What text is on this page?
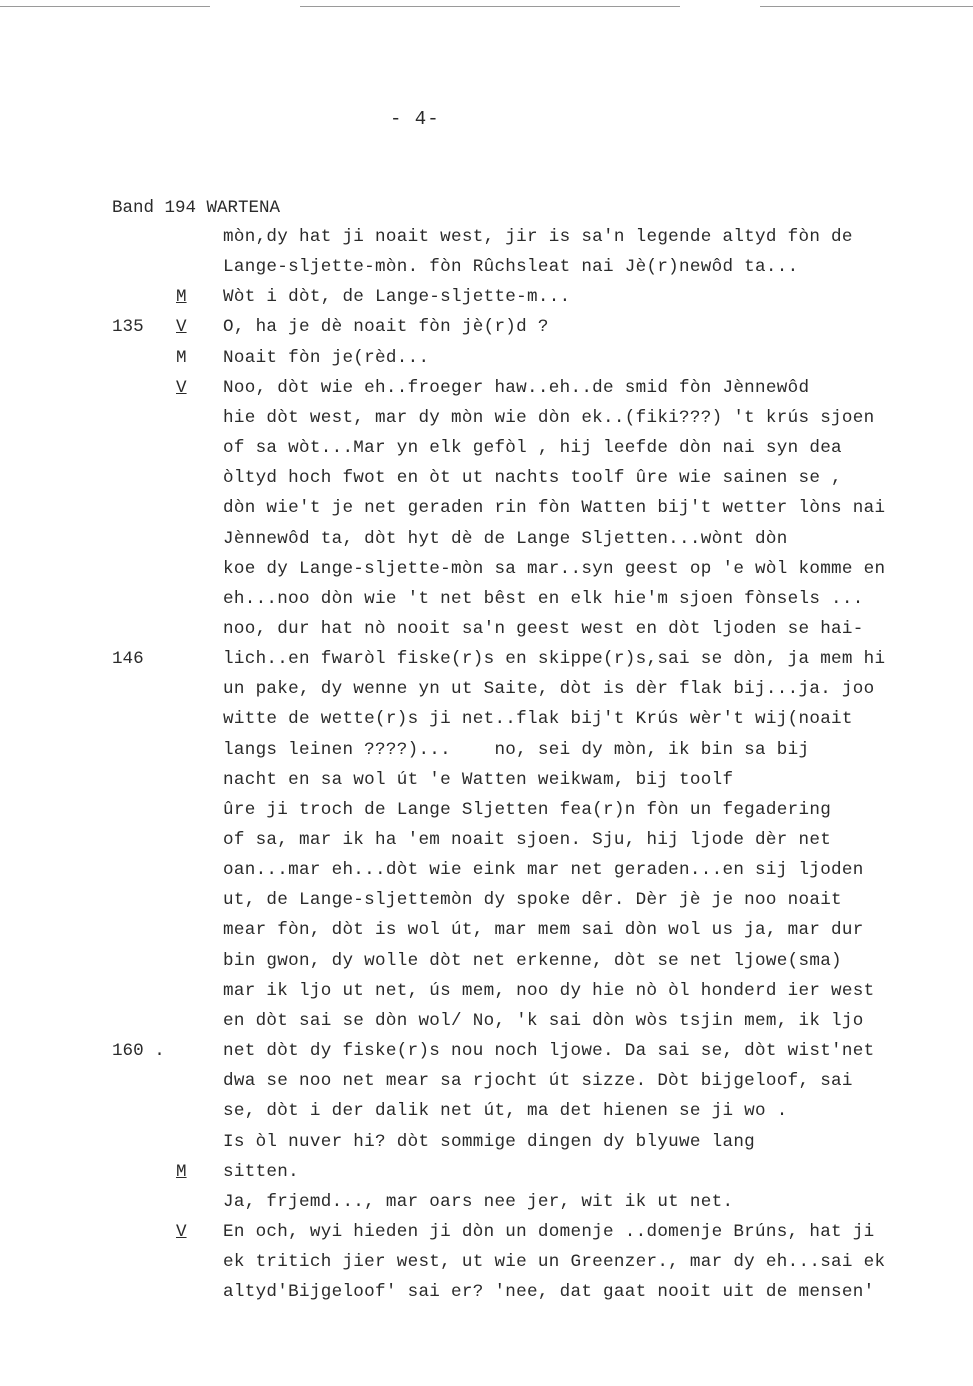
- 4-
Band 194 WARTENA
mòn,dy hat ji noait west, jir is sa'n legende altyd fòn de
Lange-sljette-mòn. fòn Rûchsleat nai Jè(r)newôd ta...
Wòt i dòt, de Lange-sljette-m...
O, ha je dè noait fòn jè(r)d ?
Noait fòn je(rèd...
Noo, dòt wie eh..froeger haw..eh..de smid fòn Jènnewôd
hie dòt west, mar dy mòn wie dòn ek..(fiki???) 't krús sjoen
of sa wòt...Mar yn elk gefòl , hij leefde dòn nai syn dea
òltyd hoch fwot en òt ut nachts toolf ûre wie sainen se ,
dòn wie't je net geraden rin fòn Watten bij't wetter lòns nai
Jènnewôd ta, dòt hyt dè de Lange Sljetten...wònt dòn
koe dy Lange-sljette-mòn sa mar..syn geest op 'e wòl komme en
eh...noo dòn wie 't net bêst en elk hie'm sjoen fònsels ...
noo, dur hat nò nooit sa'n geest west en dòt ljoden se hai-
lich..en fwaròl fiske(r)s en skippe(r)s,sai se dòn, ja mem hi
un pake, dy wenne yn ut Saite, dòt is dèr flak bij...ja. joo
witte de wette(r)s ji net..flak bij't Krús wèr't wij(noait
langs leinen ????)...    no, sei dy mòn, ik bin sa bij
nacht en sa wol út 'e Watten weikwam, bij toolf
ûre ji troch de Lange Sljetten fea(r)n fòn un fegadering
of sa, mar ik ha 'em noait sjoen. Sju, hij ljode dèr net
oan...mar eh...dòt wie eink mar net geraden...en sij ljoden
ut, de Lange-sljettemòn dy spoke dêr. Dèr jè je noo noait
mear fòn, dòt is wol út, mar mem sai dòn wol us ja, mar dur
bin gwon, dy wolle dòt net erkenne, dòt se net ljowe(sma)
mar ik ljo ut net, ús mem, noo dy hie nò òl honderd ier west
en dòt sai se dòn wol/ No, 'k sai dòn wòs tsjin mem, ik ljo
net dòt dy fiske(r)s nou noch ljowe. Da sai se, dòt wist'net
dwa se noo net mear sa rjocht út sizze. Dòt bijgeloof, sai
se, dòt i der dalik net út, ma det hienen se ji wo .
Is òl nuver hi? dòt sommige dingen dy blyuwe lang
sitten.
Ja, frjemd..., mar oars nee jer, wit ik ut net.
En och, wyi hieden ji dòn un domenje ..domenje Brúns, hat ji
ek tritich jier west, ut wie un Greenzer., mar dy eh...sai ek
altyd'Bijgeloof' sai er? 'nee, dat gaat nooit uit de mensen'
M
V
M
V
M
V
135
146
160 .
